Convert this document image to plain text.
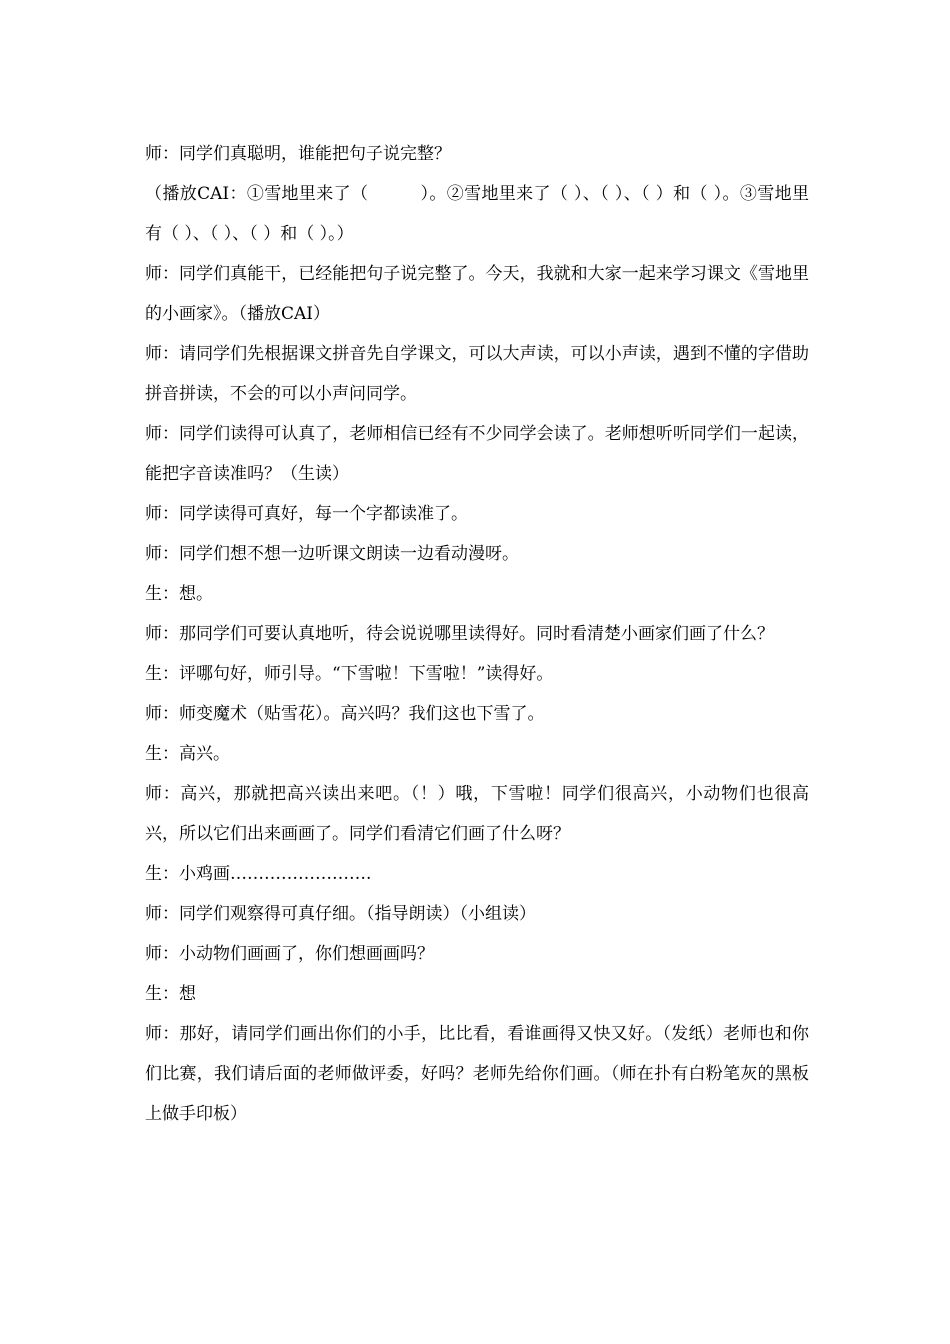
师：同学们真聪明，谁能把句子说完整？

（播放CAI：①雪地里来了（　　　）。②雪地里来了（ ）、（ ）、（ ）和（ ）。③雪地里有（ ）、（ ）、（ ）和（ ）。）

师：同学们真能干，已经能把句子说完整了。今天，我就和大家一起来学习课文《雪地里的小画家》。（播放CAI）

师：请同学们先根据课文拼音先自学课文，可以大声读，可以小声读，遇到不懂的字借助拼音拼读，不会的可以小声问同学。

师：同学们读得可认真了，老师相信已经有不少同学会读了。老师想听听同学们一起读，能把字音读准吗？（生读）

师：同学读得可真好，每一个字都读准了。

师：同学们想不想一边听课文朗读一边看动漫呀。

生：想。

师：那同学们可要认真地听，待会说说哪里读得好。同时看清楚小画家们画了什么？

生：评哪句好，师引导。“下雪啦！下雪啦！”读得好。

师：师变魔术（贴雪花）。高兴吗？我们这也下雪了。

生：高兴。

师：高兴，那就把高兴读出来吧。（！）哦，下雪啦！同学们很高兴，小动物们也很高兴，所以它们出来画画了。同学们看清它们画了什么呀？

生：小鸡画…………………….

师：同学们观察得可真仔细。（指导朗读）（小组读）

师：小动物们画画了，你们想画画吗？

生：想

师：那好，请同学们画出你们的小手，比比看，看谁画得又快又好。（发纸）老师也和你们比赛，我们请后面的老师做评委，好吗？老师先给你们画。（师在扑有白粉笔灰的黑板上做手印板）
